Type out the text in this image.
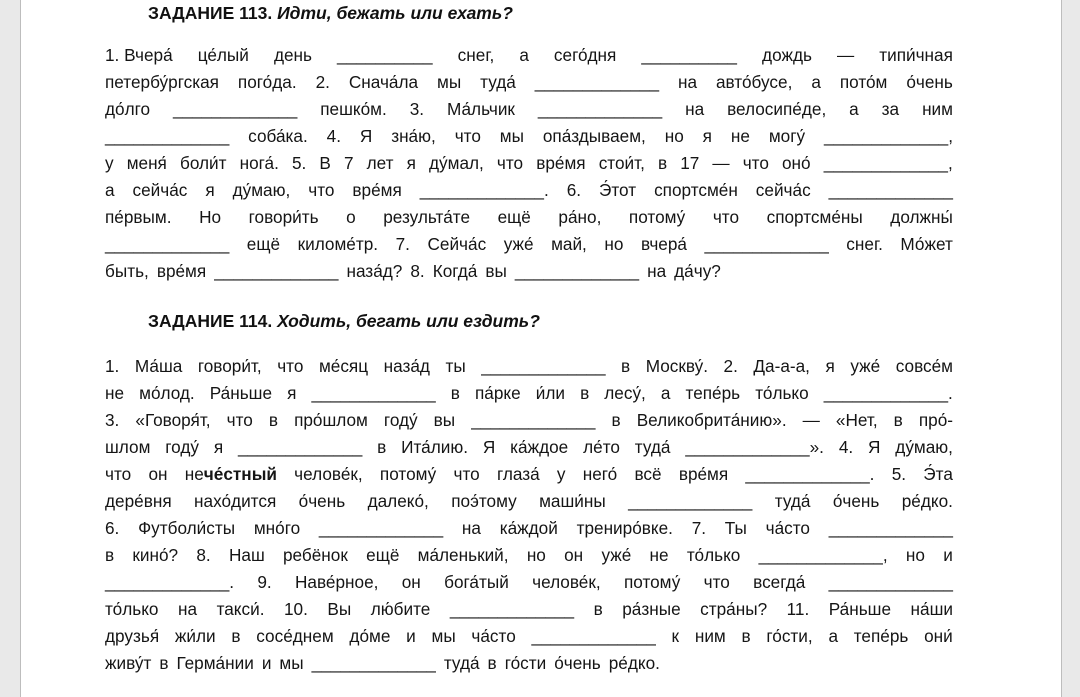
ЗАДАНИЕ 113. Идти, бежать или ехать?
1. Вчера́ це́лый день __________ снег, а сего́дня __________ дождь — типи́чная
петербу́ргская пого́да. 2. Снача́ла мы туда́ _____________ на авто́бусе, а пото́м о́чень
до́лго _____________ пешко́м. 3. Ма́льчик _____________ на велосипе́де, а за ним
_____________ соба́ка. 4. Я зна́ю, что мы опа́здываем, но я не могу́ _____________,
у меня́ боли́т нога́. 5. В 7 лет я ду́мал, что вре́мя стои́т, в 17 — что оно́ _____________,
а сейча́с я ду́маю, что вре́мя _____________. 6. Э́тот спортсме́н сейча́с _____________
пе́рвым. Но говори́ть о результа́те ещё ра́но, потому́ что спортсме́ны должны́
_____________ ещё киломе́тр. 7. Сейча́с уже́ май, но вчера́ _____________ снег. Мо́жет
быть, вре́мя _____________ наза́д? 8. Когда́ вы _____________ на да́чу?
ЗАДАНИЕ 114. Ходить, бегать или ездить?
1. Ма́ша говори́т, что ме́сяц наза́д ты _____________ в Москву́. 2. Да-а-а, я уже́ совсе́м
не мо́лод. Ра́ньше я _____________ в па́рке и́ли в лесу́, а тепе́рь то́лько _____________.
3. «Говоря́т, что в про́шлом году́ вы _____________ в Великобрита́нию». — «Нет, в про́-
шлом году́ я _____________ в Ита́лию. Я ка́ждое ле́то туда́ _____________». 4. Я ду́маю,
что он нече́стный челове́к, потому́ что глаза́ у него́ всё вре́мя _____________. 5. Э́та
дере́вня нахо́дится о́чень далеко́, поэ́тому маши́ны _____________ туда́ о́чень ре́дко.
6. Футболи́сты мно́го _____________ на ка́ждой трениро́вке. 7. Ты ча́сто _____________
в кино́? 8. Наш ребёнок ещё ма́ленький, но он уже́ не то́лько _____________, но и
_____________. 9. Наве́рное, он бога́тый челове́к, потому́ что всегда́ _____________
то́лько на такси́. 10. Вы лю́бите _____________ в ра́зные стра́ны? 11. Ра́ньше на́ши
друзья́ жи́ли в сосе́днем до́ме и мы ча́сто _____________ к ним в го́сти, а тепе́рь они́
живу́т в Герма́нии и мы _____________ туда́ в го́сти о́чень ре́дко.
